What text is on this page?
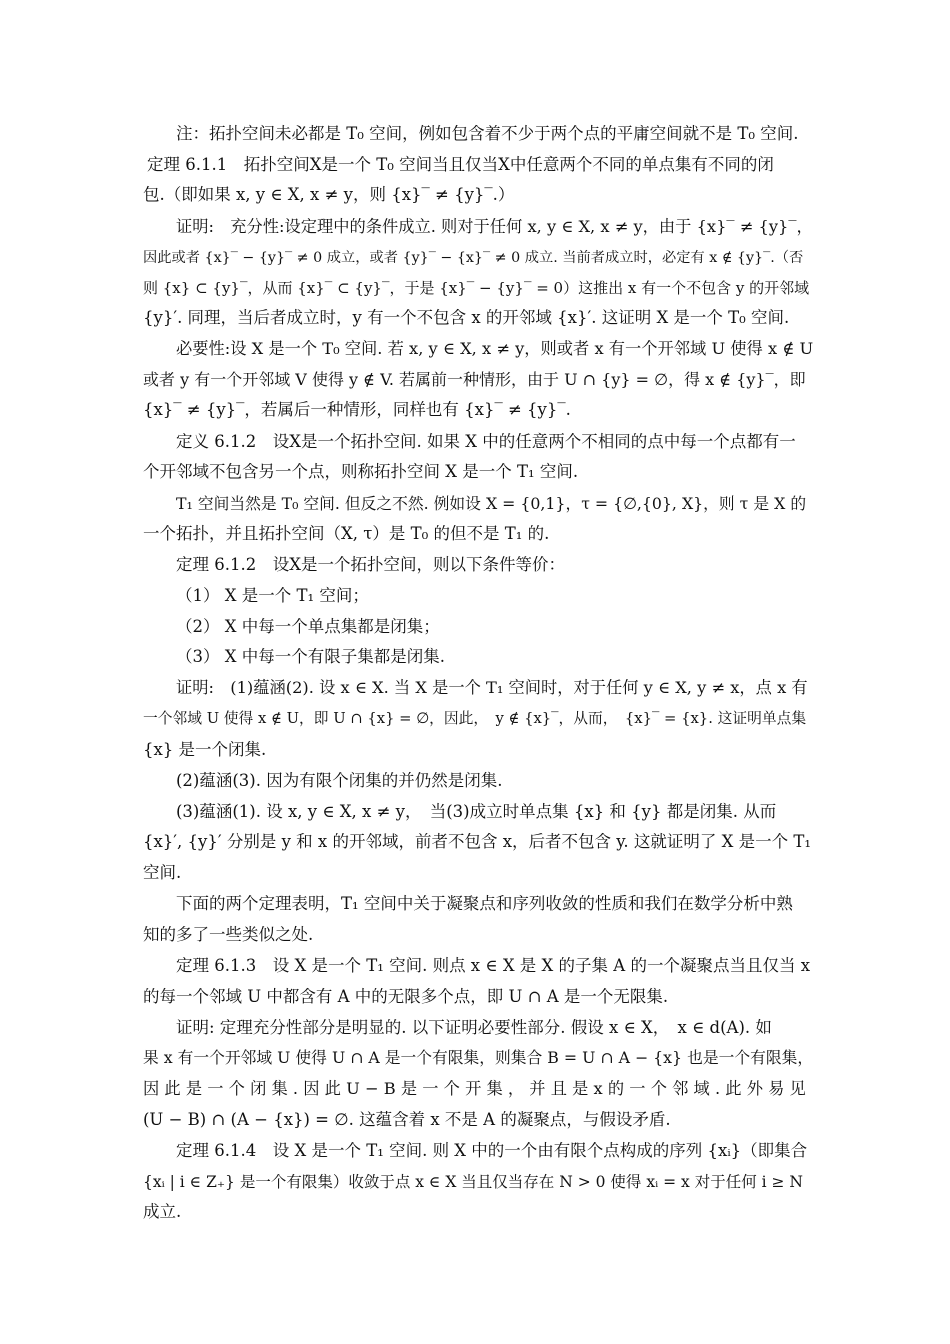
注：拓扑空间未必都是 T₀ 空间，例如包含着不少于两个点的平庸空间就不是 T₀ 空间.
定理 6.1.1　拓扑空间X是一个 T₀ 空间当且仅当X中任意两个不同的单点集有不同的闭
包.（即如果 x, y ∈ X, x ≠ y，则 {x}‾ ≠ {y}‾.）
证明:　充分性:设定理中的条件成立. 则对于任何 x, y ∈ X, x ≠ y，由于 {x}‾ ≠ {y}‾，
因此或者 {x}‾ − {y}‾ ≠ 0 成立，或者 {y}‾ − {x}‾ ≠ 0 成立. 当前者成立时，必定有 x ∉ {y}‾.（否
则 {x} ⊂ {y}‾，从而 {x}‾ ⊂ {y}‾，于是 {x}‾ − {y}‾ = 0）这推出 x 有一个不包含 y 的开邻域
{y}′. 同理，当后者成立时，y 有一个不包含 x 的开邻域 {x}′. 这证明 X 是一个 T₀ 空间.
必要性:设 X 是一个 T₀ 空间. 若 x, y ∈ X, x ≠ y，则或者 x 有一个开邻域 U 使得 x ∉ U
或者 y 有一个开邻域 V 使得 y ∉ V. 若属前一种情形，由于 U ∩ {y} = ∅，得 x ∉ {y}‾，即
{x}‾ ≠ {y}‾，若属后一种情形，同样也有 {x}‾ ≠ {y}‾.
定义 6.1.2　设X是一个拓扑空间. 如果 X 中的任意两个不相同的点中每一个点都有一
个开邻域不包含另一个点，则称拓扑空间 X 是一个 T₁ 空间.
T₁ 空间当然是 T₀ 空间. 但反之不然. 例如设 X = {0,1}，τ = {∅,{0}, X}，则 τ 是 X 的
一个拓扑，并且拓扑空间（X, τ）是 T₀ 的但不是 T₁ 的.
定理 6.1.2　设X是一个拓扑空间，则以下条件等价：
（1） X 是一个 T₁ 空间；
（2） X 中每一个单点集都是闭集；
（3） X 中每一个有限子集都是闭集.
证明:　(1)蕴涵(2). 设 x ∈ X. 当 X 是一个 T₁ 空间时，对于任何 y ∈ X, y ≠ x，点 x 有
一个邻域 U 使得 x ∉ U，即 U ∩ {x} = ∅，因此，　y ∉ {x}‾，从而，　{x}‾ = {x}. 这证明单点集
{x} 是一个闭集.
(2)蕴涵(3). 因为有限个闭集的并仍然是闭集.
(3)蕴涵(1). 设 x, y ∈ X, x ≠ y，　当(3)成立时单点集 {x} 和 {y} 都是闭集. 从而
{x}′, {y}′ 分别是 y 和 x 的开邻域，前者不包含 x，后者不包含 y. 这就证明了 X 是一个 T₁
空间.
下面的两个定理表明，T₁ 空间中关于凝聚点和序列收敛的性质和我们在数学分析中熟
知的多了一些类似之处.
定理 6.1.3　设 X 是一个 T₁ 空间. 则点 x ∈ X 是 X 的子集 A 的一个凝聚点当且仅当 x
的每一个邻域 U 中都含有 A 中的无限多个点，即 U ∩ A 是一个无限集.
证明: 定理充分性部分是明显的. 以下证明必要性部分. 假设 x ∈ X，　x ∈ d(A). 如
果 x 有一个开邻域 U 使得 U ∩ A 是一个有限集，则集合 B = U ∩ A − {x} 也是一个有限集，
因 此 是 一 个 闭 集 . 因 此 U − B 是 一 个 开 集 ， 并 且 是 x 的 一 个 邻 域 . 此 外 易 见
(U − B) ∩ (A − {x}) = ∅. 这蕴含着 x 不是 A 的凝聚点，与假设矛盾.
定理 6.1.4　设 X 是一个 T₁ 空间. 则 X 中的一个由有限个点构成的序列 {xᵢ}（即集合
{xᵢ | i ∈ Z₊} 是一个有限集）收敛于点 x ∈ X 当且仅当存在 N > 0 使得 xᵢ = x 对于任何 i ≥ N
成立.
